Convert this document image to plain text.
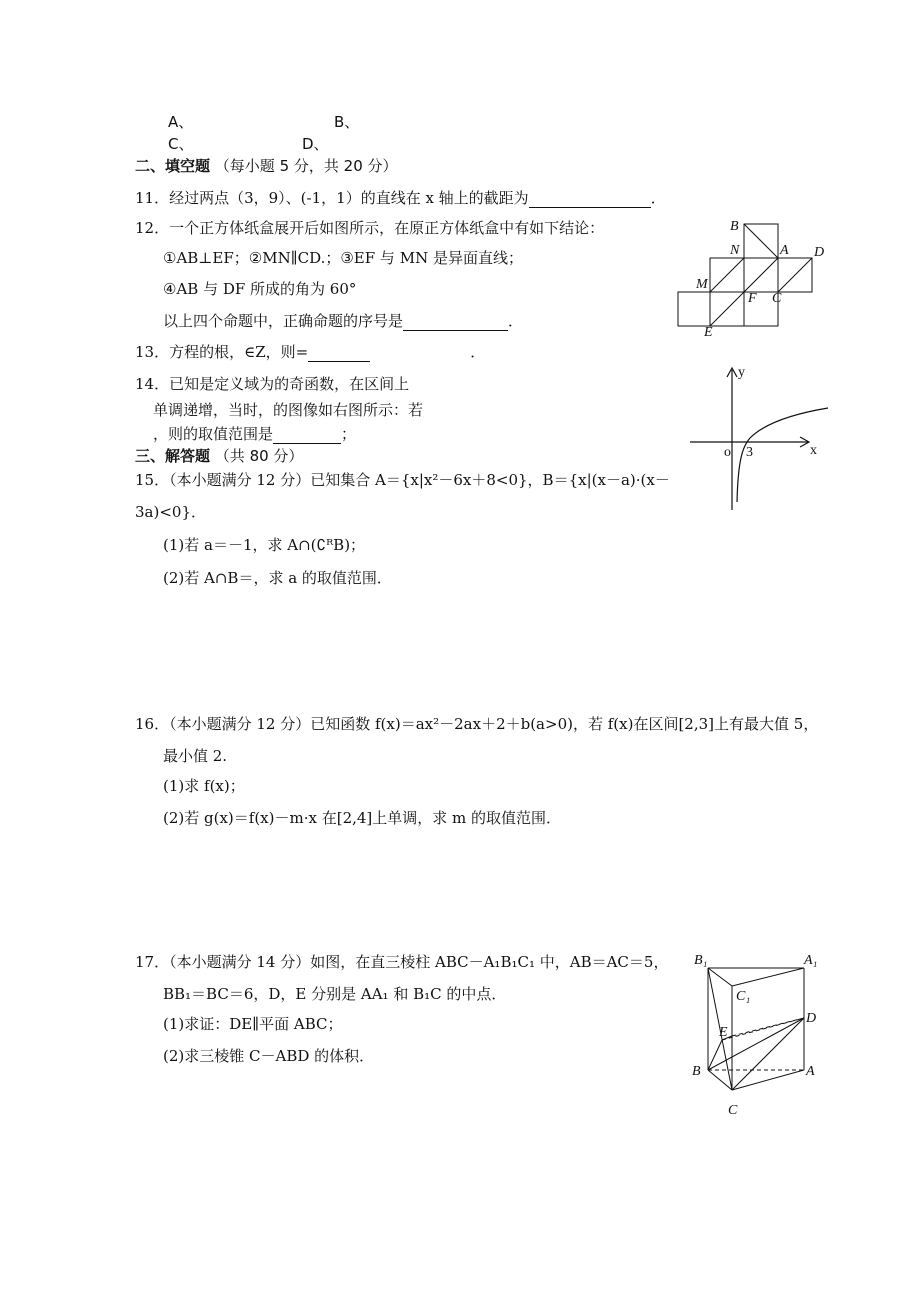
A、	B、
C、	D、
二、填空题 （每小题 5 分，共 20 分）
11．经过两点（3，9）、(-1，1）的直线在 x 轴上的截距为	．
12．一个正方体纸盒展开后如图所示，在原正方体纸盒中有如下结论：
①AB⊥EF；②MN∥CD.；③EF 与 MN 是异面直线；
④AB 与 DF 所成的角为 60°
以上四个命题中，正确命题的序号是	．
B
N	A D
M
F C
E
13．方程的根，∈Z，则=	．
14．已知是定义域为的奇函数，在区间上
单调递增，当时，的图像如右图所示：若
，则的取值范围是	；
y
x
o 3
三、解答题 （共 80 分）
15．（本小题满分 12 分）已知集合 A＝{x|x²－6x＋8<0}，B＝{x|(x－a)·(x－
3a)<0}．
(1)若 a＝－1，求 A∩(∁ᴿB)；
(2)若 A∩B＝，求 a 的取值范围．
16．（本小题满分 12 分）已知函数 f(x)＝ax²－2ax＋2＋b(a>0)，若 f(x)在区间[2,3]上有最大值 5，
最小值 2.
(1)求 f(x)；
(2)若 g(x)＝f(x)－m·x 在[2,4]上单调，求 m 的取值范围．
17．（本小题满分 14 分）如图，在直三棱柱 ABC－A₁B₁C₁ 中，AB＝AC＝5，
BB₁＝BC＝6，D，E 分别是 AA₁ 和 B₁C 的中点．
(1)求证：DE∥平面 ABC；
(2)求三棱锥 C－ABD 的体积．
B₁	A₁
C₁
E
D
B	A
C
